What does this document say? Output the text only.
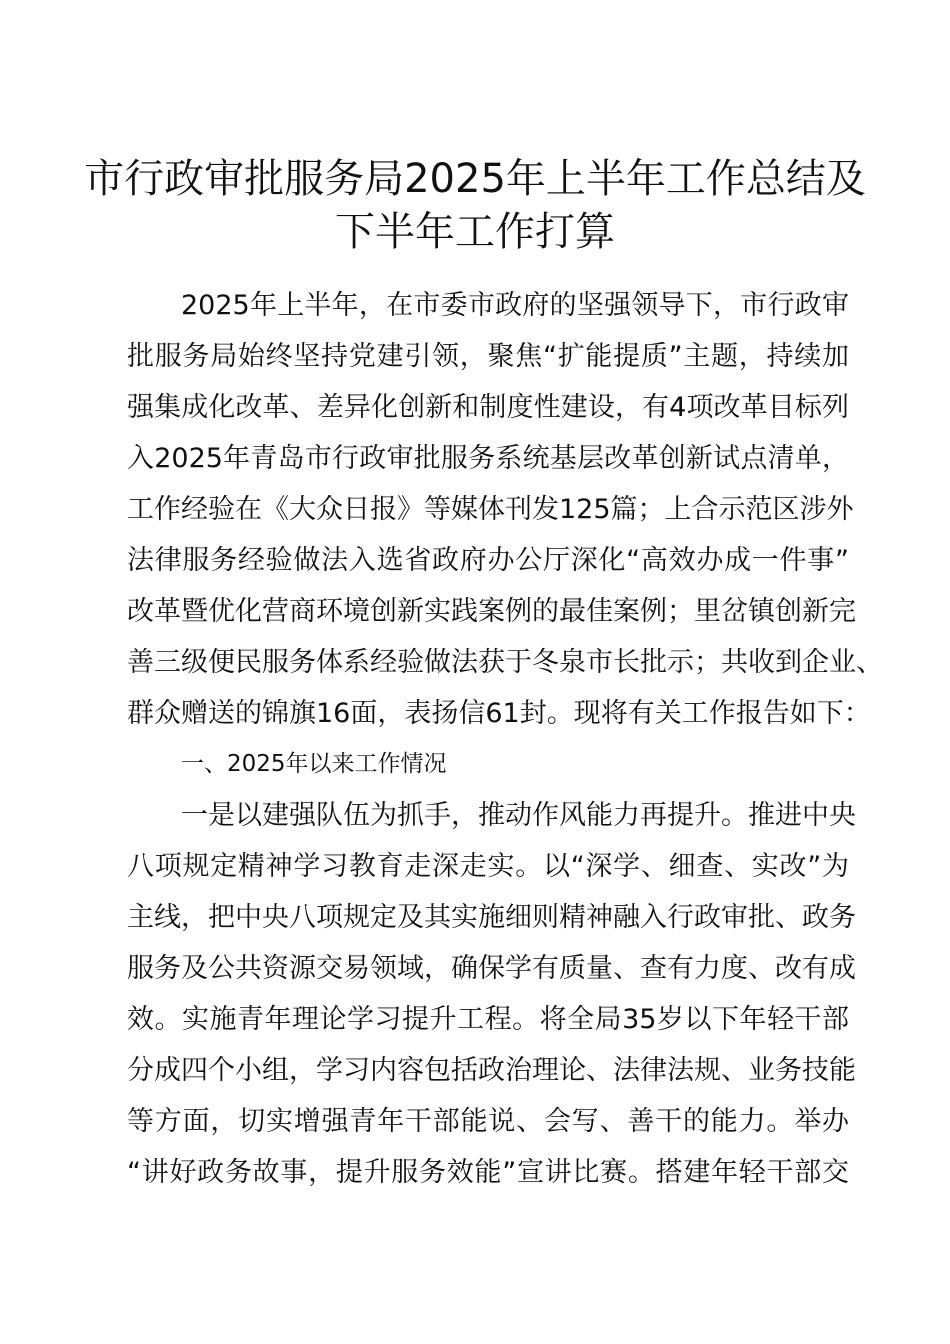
市行政审批服务局2025年上半年工作总结及
下半年工作打算
2025年上半年，在市委市政府的坚强领导下，市行政审
批服务局始终坚持党建引领，聚焦“扩能提质”主题，持续加
强集成化改革、差异化创新和制度性建设，有4项改革目标列
入2025年青岛市行政审批服务系统基层改革创新试点清单，
工作经验在《大众日报》等媒体刊发125篇；上合示范区涉外
法律服务经验做法入选省政府办公厅深化“高效办成一件事”
改革暨优化营商环境创新实践案例的最佳案例；里岔镇创新完
善三级便民服务体系经验做法获于冬泉市长批示；共收到企业、
群众赠送的锦旗16面，表扬信61封。现将有关工作报告如下：
一、2025年以来工作情况
一是以建强队伍为抓手，推动作风能力再提升。推进中央
八项规定精神学习教育走深走实。以“深学、细查、实改”为
主线，把中央八项规定及其实施细则精神融入行政审批、政务
服务及公共资源交易领域，确保学有质量、查有力度、改有成
效。实施青年理论学习提升工程。将全局35岁以下年轻干部
分成四个小组，学习内容包括政治理论、法律法规、业务技能
等方面，切实增强青年干部能说、会写、善干的能力。举办
“讲好政务故事，提升服务效能”宣讲比赛。搭建年轻干部交
